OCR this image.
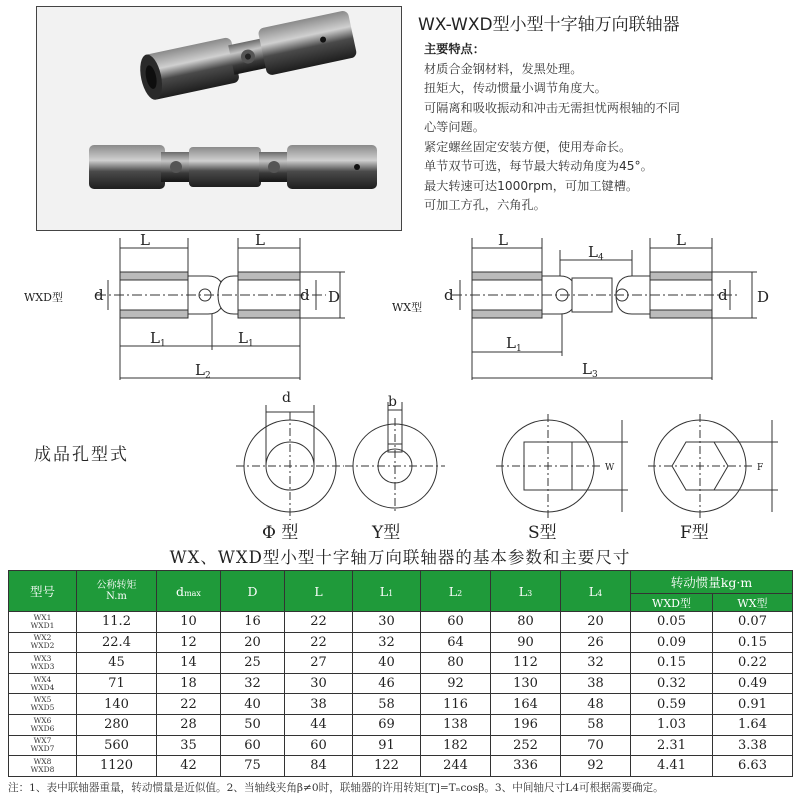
WX-WXD型小型十字轴万向联轴器
主要特点：
材质合金钢材料，发黑处理。
扭矩大，传动惯量小调节角度大。
可隔离和吸收振动和冲击无需担忧两根轴的不同
心等问题。
紧定螺丝固定安装方便，使用寿命长。
单节双节可选，每节最大转动角度为45°。
最大转速可达1000rpm，可加工键槽。
可加工方孔，六角孔。
L	L
WXD型 d	d D
$L_1$	$L_1$
$L_2$
L
$L_4$
L
WX型
d	d D
$L_1$
$L_3$
d	b
W	F
成品孔型式
Φ 型	Y型	S型	F型
WX、WXD型小型十字轴万向联轴器的基本参数和主要尺寸
型号	公称转矩
N.m	dmax	D	L	L1	L2	L3	L4	转动惯量kg·m	
									WXD型	WX型

WX1
WXD1	11.2	10	16	22	30	60	80	20	0.05	0.07

WX2
WXD2	22.4	12	20	22	32	64	90	26	0.09	0.15

WX3
WXD3	45	14	25	27	40	80	112	32	0.15	0.22

WX4
WXD4	71	18	32	30	46	92	130	38	0.32	0.49

WX5
WXD5	140	22	40	38	58	116	164	48	0.59	0.91

WX6
WXD6	280	28	50	44	69	138	196	58	1.03	1.64

WX7
WXD7	560	35	60	60	91	182	252	70	2.31	3.38

WX8
WXD8	1120	42	75	84	122	244	336	92	4.41	6.63
注：1、表中联轴器重量，转动惯量是近似值。2、当轴线夹角β≠0时，联轴器的许用转矩[T]=Tₙcosβ。3、中间轴尺寸L4可根据需要确定。
